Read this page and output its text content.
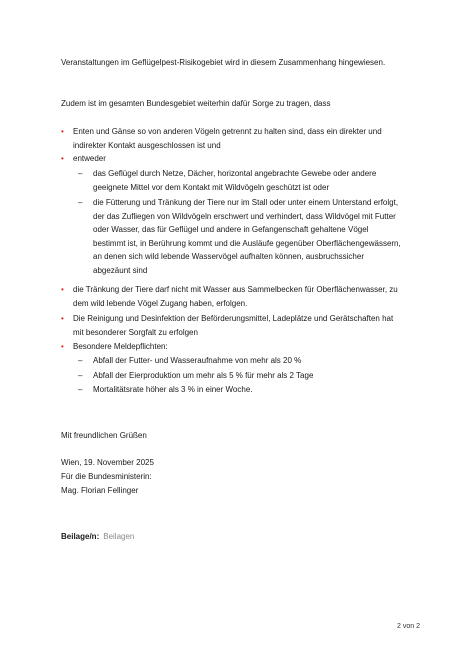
Veranstaltungen im Geflügelpest-Risikogebiet wird in diesem Zusammenhang hingewiesen.

Zudem ist im gesamten Bundesgebiet weiterhin dafür Sorge zu tragen, dass

•	Enten und Gänse so von anderen Vögeln getrennt zu halten sind, dass ein direkter und indirekter Kontakt ausgeschlossen ist und

•	entweder

–	das Geflügel durch Netze, Dächer, horizontal angebrachte Gewebe oder andere geeignete Mittel vor dem Kontakt mit Wildvögeln geschützt ist oder

–	die Fütterung und Tränkung der Tiere nur im Stall oder unter einem Unterstand erfolgt, der das Zufliegen von Wildvögeln erschwert und verhindert, dass Wildvögel mit Futter oder Wasser, das für Geflügel und andere in Gefangenschaft gehaltene Vögel bestimmt ist, in Berührung kommt und die Ausläufe gegenüber Oberflächengewässern, an denen sich wild lebende Wasservögel aufhalten können, ausbruchssicher abgezäunt sind

•	die Tränkung der Tiere darf nicht mit Wasser aus Sammelbecken für Oberflächenwasser, zu dem wild lebende Vögel Zugang haben, erfolgen.

•	Die Reinigung und Desinfektion der Beförderungsmittel, Ladeplätze und Gerätschaften hat mit besonderer Sorgfalt zu erfolgen

•	Besondere Meldepflichten:

–	Abfall der Futter- und Wasseraufnahme von mehr als 20 %

–	Abfall der Eierproduktion um mehr als 5 % für mehr als 2 Tage

–	Mortalitätsrate höher als 3 % in einer Woche.

Mit freundlichen Grüßen

Wien, 19. November 2025

Für die Bundesministerin:

Mag. Florian Fellinger

Beilage/n: Beilagen

2 von 2
